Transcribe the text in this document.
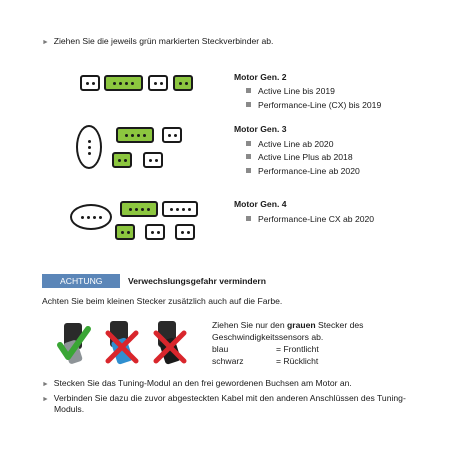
► Ziehen Sie die jeweils grün markierten Steckverbinder ab.
Motor Gen. 2
Active Line bis 2019
Performance-Line (CX) bis 2019
Motor Gen. 3
Active Line ab 2020
Active Line Plus ab 2018
Performance-Line ab 2020
Motor Gen. 4
Performance-Line CX ab 2020
ACHTUNG	Verwechslungsgefahr vermindern
Achten Sie beim kleinen Stecker zusätzlich auch auf die Farbe.
Ziehen Sie nur den grauen Stecker des
Geschwindigkeitssensors ab.
blau	= Frontlicht
schwarz	= Rücklicht
► Stecken Sie das Tuning-Modul an den frei gewordenen Buchsen am Motor an.
► Verbinden Sie dazu die zuvor abgesteckten Kabel mit den anderen Anschlüssen des Tuning-
Moduls.
